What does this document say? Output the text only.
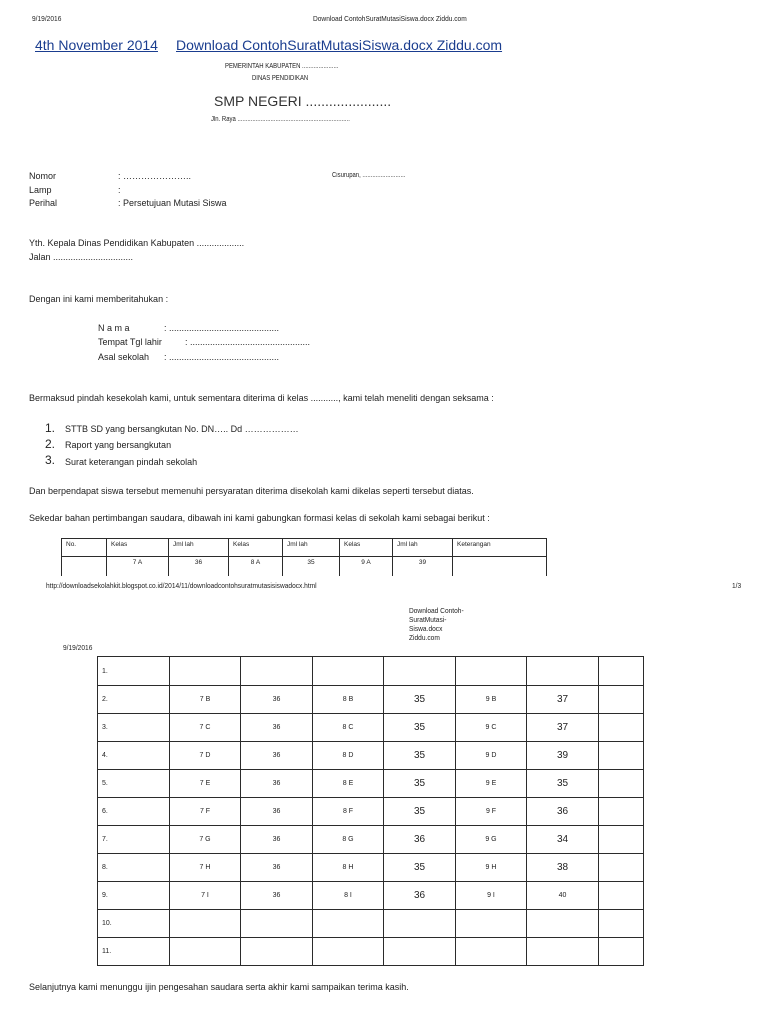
9/19/2016	Download ContohSuratMutasiSiswa.docx Ziddu.com
4th November 2014 Download ContohSuratMutasiSiswa.docx Ziddu.com
PEMERINTAH KABUPATEN ......................
DINAS PENDIDIKAN
SMP NEGERI ......................
Jln. Raya ....................................................................
Nomor	: …………………..	Cisurupan, ..........................
Lamp	:
Perihal	: Persetujuan Mutasi Siswa
Yth. Kepala Dinas Pendidikan Kabupaten ...................
Jalan ................................
Dengan ini kami memberitahukan :
N a m a	: ............................................
Tempat Tgl lahir	: ................................................
Asal sekolah : ............................................
Bermaksud pindah kesekolah kami, untuk sementara diterima di kelas ..........., kami telah meneliti dengan seksama :
1. STTB SD yang bersangkutan No. DN….. Dd ………………
2. Raport yang bersangkutan
3. Surat keterangan pindah sekolah
Dan berpendapat siswa tersebut memenuhi persyaratan diterima disekolah kami dikelas seperti tersebut diatas.
Sekedar bahan pertimbangan saudara, dibawah ini kami gabungkan formasi kelas di sekolah kami sebagai berikut :
No.	Kelas	Jml lah	Kelas	Jml lah	Kelas	Jml lah	Keterangan
	7 A	36	8 A	35	9 A	39	
http://downloadsekolahkit.blogspot.co.id/2014/11/downloadcontohsuratmutasisiswadocx.html	1/3
9/19/2016
Download Contoh-SuratMutasi-Siswa.docx Ziddu.com
1.							
2.	7 B	36	8 B	35	9 B	37	
3.	7 C	36	8 C	35	9 C	37	
4.	7 D	36	8 D	35	9 D	39	
5.	7 E	36	8 E	35	9 E	35	
6.	7 F	36	8 F	35	9 F	36	
7.	7 G	36	8 G	36	9 G	34	
8.	7 H	36	8 H	35	9 H	38	
9.	7 I	36	8 I	36	9 I	40	
10.							
11.							
Selanjutnya kami menunggu ijin pengesahan saudara serta akhir kami sampaikan terima kasih.
